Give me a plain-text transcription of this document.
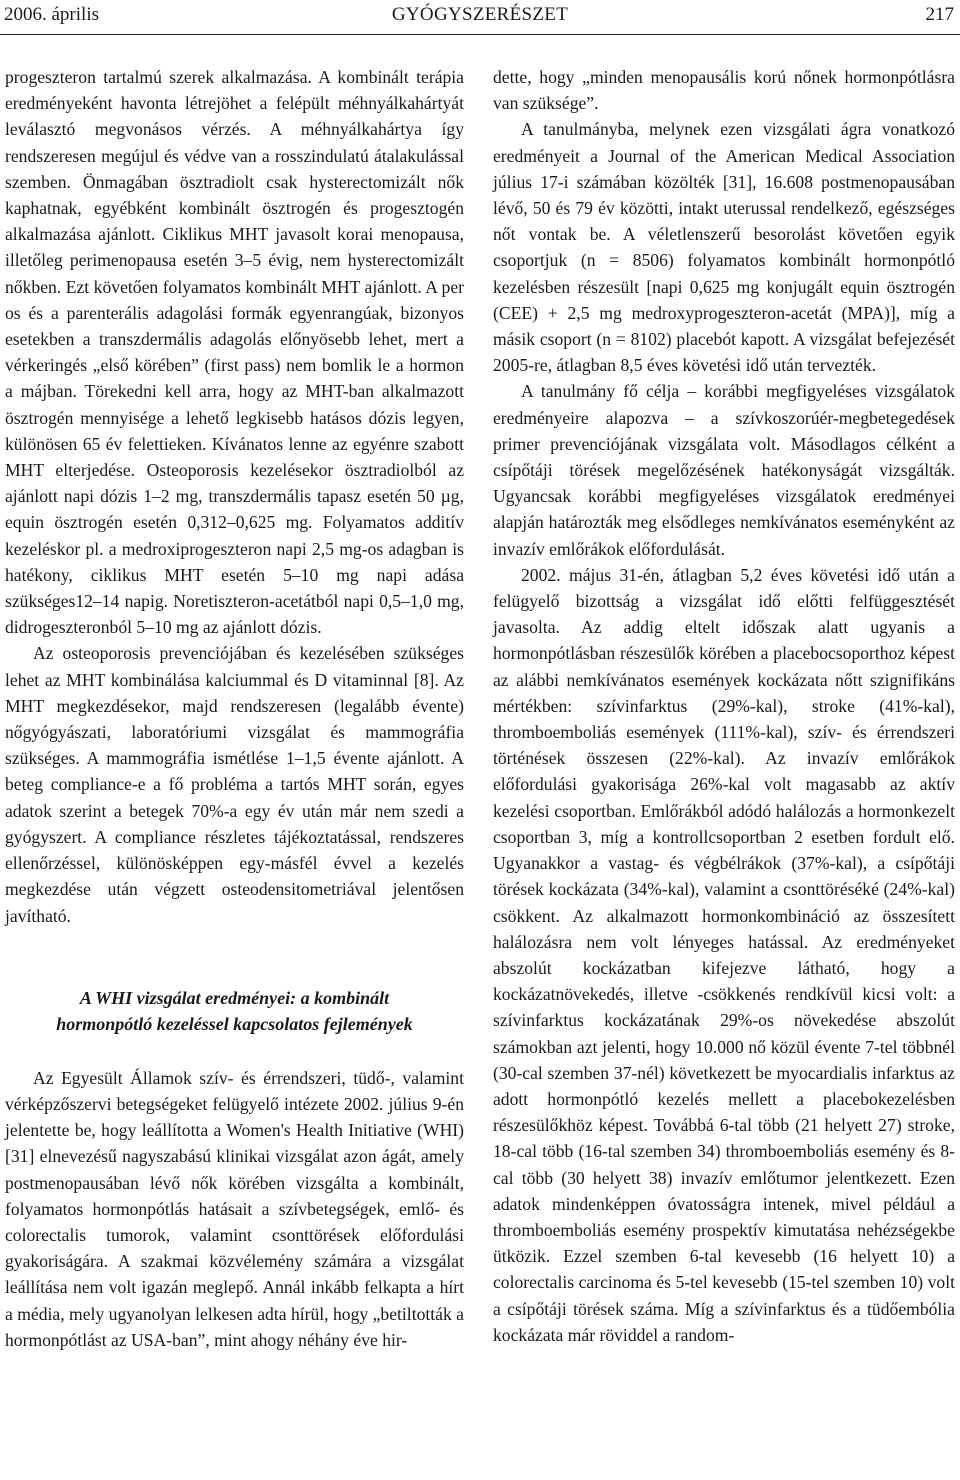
2006. április	GYÓGYSZERÉSZET	217

progeszteron tartalmú szerek alkalmazása. A kombinált terápia eredményeként havonta létrejöhet a felépült méhnyálkahártyát leválasztó megvonásos vérzés. A méhnyálkahártya így rendszeresen megújul és védve van a rosszindulatú átalakulással szemben. Önmagában ösztradiolt csak hysterectomizált nők kaphatnak, egyébként kombinált ösztrogén és progesztogén alkalmazása ajánlott. Ciklikus MHT javasolt korai menopausa, illetőleg perimenopausa esetén 3–5 évig, nem hysterectomizált nőkben. Ezt követően folyamatos kombinált MHT ajánlott. A per os és a parenterális adagolási formák egyenrangúak, bizonyos esetekben a transzdermális adagolás előnyösebb lehet, mert a vérkeringés „első körében” (first pass) nem bomlik le a hormon a májban. Törekedni kell arra, hogy az MHT-ban alkalmazott ösztrogén mennyisége a lehető legkisebb hatásos dózis legyen, különösen 65 év felettieken. Kívánatos lenne az egyénre szabott MHT elterjedése. Osteoporosis kezelésekor ösztradiolból az ajánlott napi dózis 1–2 mg, transzdermális tapasz esetén 50 µg, equin ösztrogén esetén 0,312–0,625 mg. Folyamatos additív kezeléskor pl. a medroxiprogeszteron napi 2,5 mg-os adagban is hatékony, ciklikus MHT esetén 5–10 mg napi adása szükséges12–14 napig. Noretiszteron-acetátból napi 0,5–1,0 mg, didrogeszteronból 5–10 mg az ajánlott dózis.

Az osteoporosis prevenciójában és kezelésében szükséges lehet az MHT kombinálása kalciummal és D vitaminnal [8]. Az MHT megkezdésekor, majd rendszeresen (legalább évente) nőgyógyászati, laboratóriumi vizsgálat és mammográfia szükséges. A mammográfia ismétlése 1–1,5 évente ajánlott. A beteg compliance-e a fő probléma a tartós MHT során, egyes adatok szerint a betegek 70%-a egy év után már nem szedi a gyógyszert. A compliance részletes tájékoztatással, rendszeres ellenőrzéssel, különösképpen egy-másfél évvel a kezelés megkezdése után végzett osteodensitometriával jelentősen javítható.

A WHI vizsgálat eredményei: a kombinált
hormonpótló kezeléssel kapcsolatos fejlemények

Az Egyesült Államok szív- és érrendszeri, tüdő-, valamint vérképzőszervi betegségeket felügyelő intézete 2002. július 9-én jelentette be, hogy leállította a Women's Health Initiative (WHI) [31] elnevezésű nagyszabású klinikai vizsgálat azon ágát, amely postmenopausában lévő nők körében vizsgálta a kombinált, folyamatos hormonpótlás hatásait a szívbetegségek, emlő- és colorectalis tumorok, valamint csonttörések előfordulási gyakoriságára. A szakmai közvélemény számára a vizsgálat leállítása nem volt igazán meglepő. Annál inkább felkapta a hírt a média, mely ugyanolyan lelkesen adta hírül, hogy „betiltották a hormonpótlást az USA-ban”, mint ahogy néhány éve hir-

dette, hogy „minden menopausális korú nőnek hormonpótlásra van szüksége”.

A tanulmányba, melynek ezen vizsgálati ágra vonatkozó eredményeit a Journal of the American Medical Association július 17-i számában közölték [31], 16.608 postmenopausában lévő, 50 és 79 év közötti, intakt uterussal rendelkező, egészséges nőt vontak be. A véletlenszerű besorolást követően egyik csoportjuk (n = 8506) folyamatos kombinált hormonpótló kezelésben részesült [napi 0,625 mg konjugált equin ösztrogén (CEE) + 2,5 mg medroxyprogeszteron-acetát (MPA)], míg a másik csoport (n = 8102) placebót kapott. A vizsgálat befejezését 2005-re, átlagban 8,5 éves követési idő után tervezték.

A tanulmány fő célja – korábbi megfigyeléses vizsgálatok eredményeire alapozva – a szívkoszorúér-megbetegedések primer prevenciójának vizsgálata volt. Másodlagos célként a csípőtáji törések megelőzésének hatékonyságát vizsgálták. Ugyancsak korábbi megfigyeléses vizsgálatok eredményei alapján határozták meg elsődleges nemkívánatos eseményként az invazív emlőrákok előfordulását.

2002. május 31-én, átlagban 5,2 éves követési idő után a felügyelő bizottság a vizsgálat idő előtti felfüggesztését javasolta. Az addig eltelt időszak alatt ugyanis a hormonpótlásban részesülők körében a placebocsoporthoz képest az alábbi nemkívánatos események kockázata nőtt szignifikáns mértékben: szívinfarktus (29%-kal), stroke (41%-kal), thromboemboliás események (111%-kal), szív- és érrendszeri történések összesen (22%-kal). Az invazív emlőrákok előfordulási gyakorisága 26%-kal volt magasabb az aktív kezelési csoportban. Emlőrákból adódó halálozás a hormonkezelt csoportban 3, míg a kontrollcsoportban 2 esetben fordult elő. Ugyanakkor a vastag- és végbélrákok (37%-kal), a csípőtáji törések kockázata (34%-kal), valamint a csonttöréséké (24%-kal) csökkent. Az alkalmazott hormonkombináció az összesített halálozásra nem volt lényeges hatással. Az eredményeket abszolút kockázatban kifejezve látható, hogy a kockázatnövekedés, illetve -csökkenés rendkívül kicsi volt: a szívinfarktus kockázatának 29%-os növekedése abszolút számokban azt jelenti, hogy 10.000 nő közül évente 7-tel többnél (30-cal szemben 37-nél) következett be myocardialis infarktus az adott hormonpótló kezelés mellett a placebokezelésben részesülőkhöz képest. Továbbá 6-tal több (21 helyett 27) stroke, 18-cal több (16-tal szemben 34) thromboemboliás esemény és 8-cal több (30 helyett 38) invazív emlőtumor jelentkezett. Ezen adatok mindenképpen óvatosságra intenek, mivel például a thromboemboliás esemény prospektív kimutatása nehézségekbe ütközik. Ezzel szemben 6-tal kevesebb (16 helyett 10) a colorectalis carcinoma és 5-tel kevesebb (15-tel szemben 10) volt a csípőtáji törések száma. Míg a szívinfarktus és a tüdőembólia kockázata már röviddel a random-
